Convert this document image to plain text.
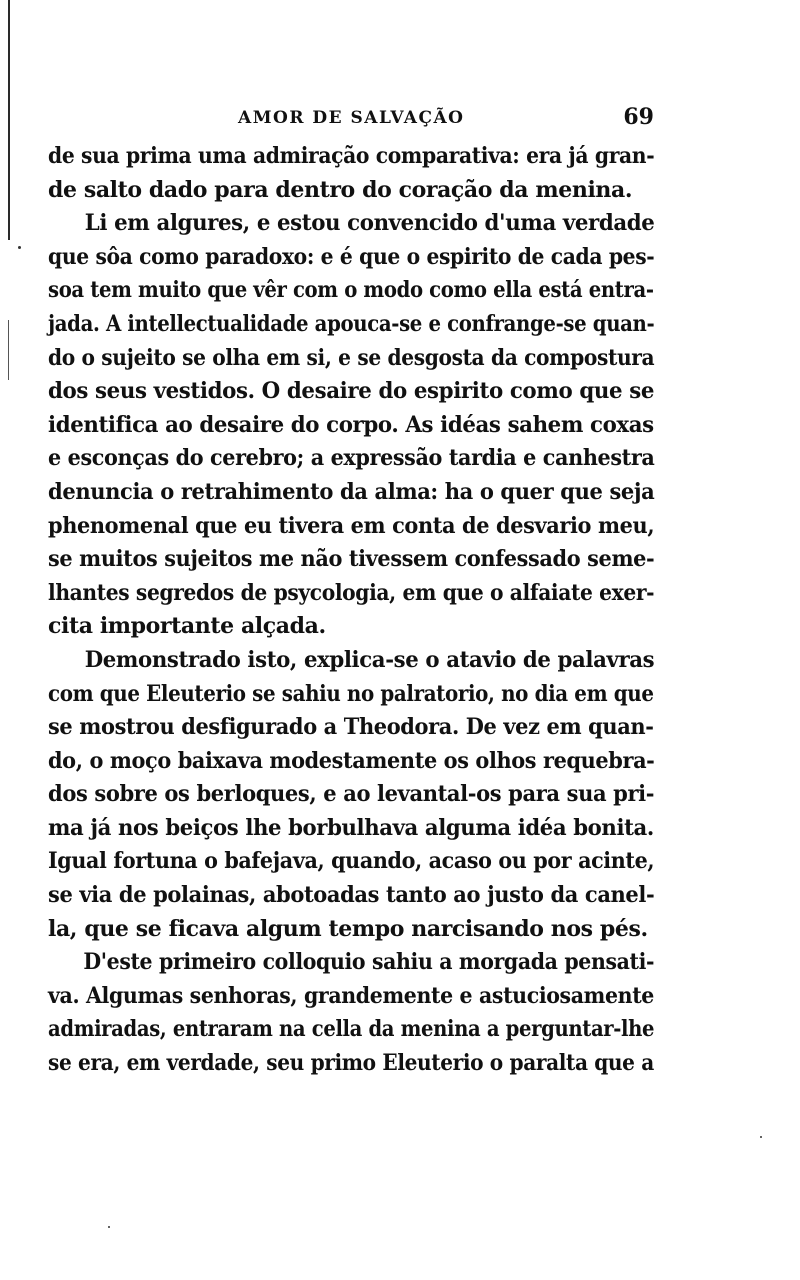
AMOR DE SALVAÇÃO	69
de sua prima uma admiração comparativa: era já gran-
de salto dado para dentro do coração da menina.
Li em algures, e estou convencido d'uma verdade
que sôa como paradoxo: e é que o espirito de cada pes-
soa tem muito que vêr com o modo como ella está entra-
jada. A intellectualidade apouca-se e confrange-se quan-
do o sujeito se olha em si, e se desgosta da compostura
dos seus vestidos. O desaire do espirito como que se
identifica ao desaire do corpo. As idéas sahem coxas
e esconças do cerebro; a expressão tardia e canhestra
denuncia o retrahimento da alma: ha o quer que seja
phenomenal que eu tivera em conta de desvario meu,
se muitos sujeitos me não tivessem confessado seme-
lhantes segredos de psycologia, em que o alfaiate exer-
cita importante alçada.
Demonstrado isto, explica-se o atavio de palavras
com que Eleuterio se sahiu no palratorio, no dia em que
se mostrou desfigurado a Theodora. De vez em quan-
do, o moço baixava modestamente os olhos requebra-
dos sobre os berloques, e ao levantal-os para sua pri-
ma já nos beiços lhe borbulhava alguma idéa bonita.
Igual fortuna o bafejava, quando, acaso ou por acinte,
se via de polainas, abotoadas tanto ao justo da canel-
la, que se ficava algum tempo narcisando nos pés.
D'este primeiro colloquio sahiu a morgada pensati-
va. Algumas senhoras, grandemente e astuciosamente
admiradas, entraram na cella da menina a perguntar-lhe
se era, em verdade, seu primo Eleuterio o paralta que a
